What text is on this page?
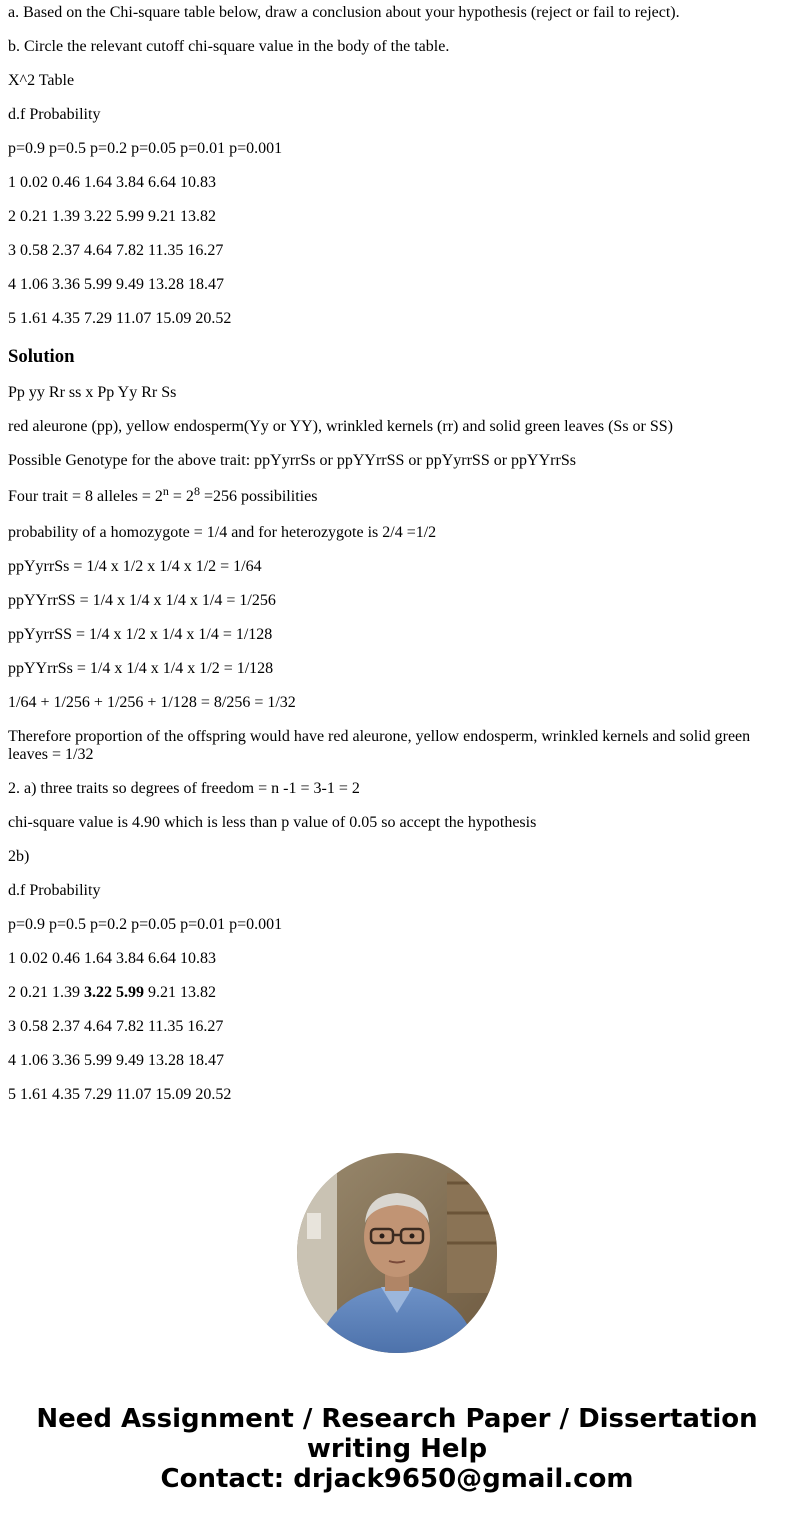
a. Based on the Chi-square table below, draw a conclusion about your hypothesis (reject or fail to reject).

b. Circle the relevant cutoff chi-square value in the body of the table.

X^2 Table

d.f Probability

p=0.9 p=0.5 p=0.2 p=0.05 p=0.01 p=0.001

1 0.02 0.46 1.64 3.84 6.64 10.83

2 0.21 1.39 3.22 5.99 9.21 13.82

3 0.58 2.37 4.64 7.82 11.35 16.27

4 1.06 3.36 5.99 9.49 13.28 18.47

5 1.61 4.35 7.29 11.07 15.09 20.52

Solution

Pp yy Rr ss x Pp Yy Rr Ss

red aleurone (pp), yellow endosperm(Yy or YY), wrinkled kernels (rr) and solid green leaves (Ss or SS)

Possible Genotype for the above trait: ppYyrrSs or ppYYrrSS or ppYyrrSS or ppYYrrSs

Four trait = 8 alleles = $2^n = 2^8 =256$ possibilities

probability of a homozygote = 1/4 and for heterozygote is 2/4 =1/2

ppYyrrSs = 1/4 x 1/2 x 1/4 x 1/2 = 1/64

ppYYrrSS = 1/4 x 1/4 x 1/4 x 1/4 = 1/256

ppYyrrSS = 1/4 x 1/2 x 1/4 x 1/4 = 1/128

ppYYrrSs = 1/4 x 1/4 x 1/4 x 1/2 = 1/128

1/64 + 1/256 + 1/256 + 1/128 = 8/256 = 1/32

Therefore proportion of the offspring would have red aleurone, yellow endosperm, wrinkled kernels and solid green leaves = 1/32

2. a) three traits so degrees of freedom = n -1 = 3-1 = 2

chi-square value is 4.90 which is less than p value of 0.05 so accept the hypothesis

2b)

d.f Probability

p=0.9 p=0.5 p=0.2 p=0.05 p=0.01 p=0.001

1 0.02 0.46 1.64 3.84 6.64 10.83

2 0.21 1.39 3.22 5.99 9.21 13.82

3 0.58 2.37 4.64 7.82 11.35 16.27

4 1.06 3.36 5.99 9.49 13.28 18.47

5 1.61 4.35 7.29 11.07 15.09 20.52

Need Assignment / Research Paper / Dissertation
writing Help
Contact: drjack9650@gmail.com
